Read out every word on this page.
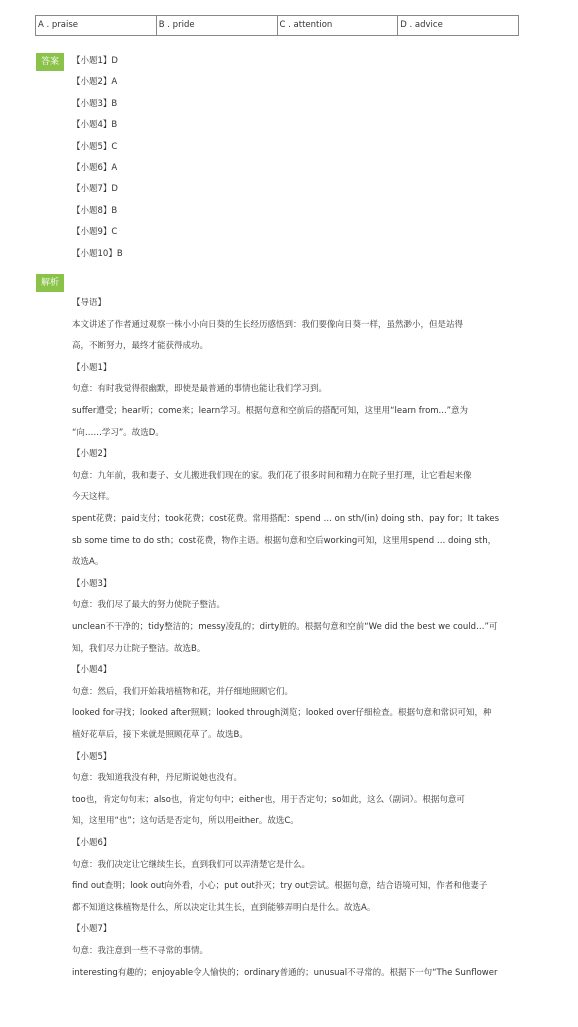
A . praise	B . pride	C . attention	D . advice
答案	【小题1】D
【小题2】A
【小题3】B
【小题4】B
【小题5】C
【小题6】A
【小题7】D
【小题8】B
【小题9】C
【小题10】B
解析
【导语】
本文讲述了作者通过观察一株小小向日葵的生长经历感悟到：我们要像向日葵一样，虽然渺小，但是站得
高，不断努力，最终才能获得成功。
【小题1】
句意：有时我觉得很幽默，即使是最普通的事情也能让我们学习到。
suffer遭受；hear听；come来；learn学习。根据句意和空前后的搭配可知，这里用“learn from...”意为
“向……学习”。故选D。
【小题2】
句意：九年前，我和妻子、女儿搬进我们现在的家。我们花了很多时间和精力在院子里打理，让它看起来像
今天这样。
spent花费；paid支付；took花费；cost花费。常用搭配：spend … on sth/(in) doing sth、pay for；It takes
sb some time to do sth；cost花费，物作主语。根据句意和空后working可知，这里用spend … doing sth，
故选A。
【小题3】
句意：我们尽了最大的努力使院子整洁。
unclean不干净的；tidy整洁的；messy凌乱的；dirty脏的。根据句意和空前“We did the best we could…”可
知，我们尽力让院子整洁。故选B。
【小题4】
句意：然后，我们开始栽培植物和花，并仔细地照顾它们。
looked for寻找；looked after照顾；looked through浏览；looked over仔细检查。根据句意和常识可知，种
植好花草后，接下来就是照顾花草了。故选B。
【小题5】
句意：我知道我没有种，丹尼斯说她也没有。
too也，肯定句句末；also也，肯定句句中；either也，用于否定句；so如此，这么（副词）。根据句意可
知，这里用“也”；这句话是否定句，所以用either。故选C。
【小题6】
句意：我们决定让它继续生长，直到我们可以弄清楚它是什么。
find out查明；look out向外看，小心；put out扑灭；try out尝试。根据句意，结合语境可知，作者和他妻子
都不知道这株植物是什么，所以决定让其生长，直到能够弄明白是什么。故选A。
【小题7】
句意：我注意到一些不寻常的事情。
interesting有趣的；enjoyable令人愉快的；ordinary普通的；unusual不寻常的。根据下一句“The Sunflower
